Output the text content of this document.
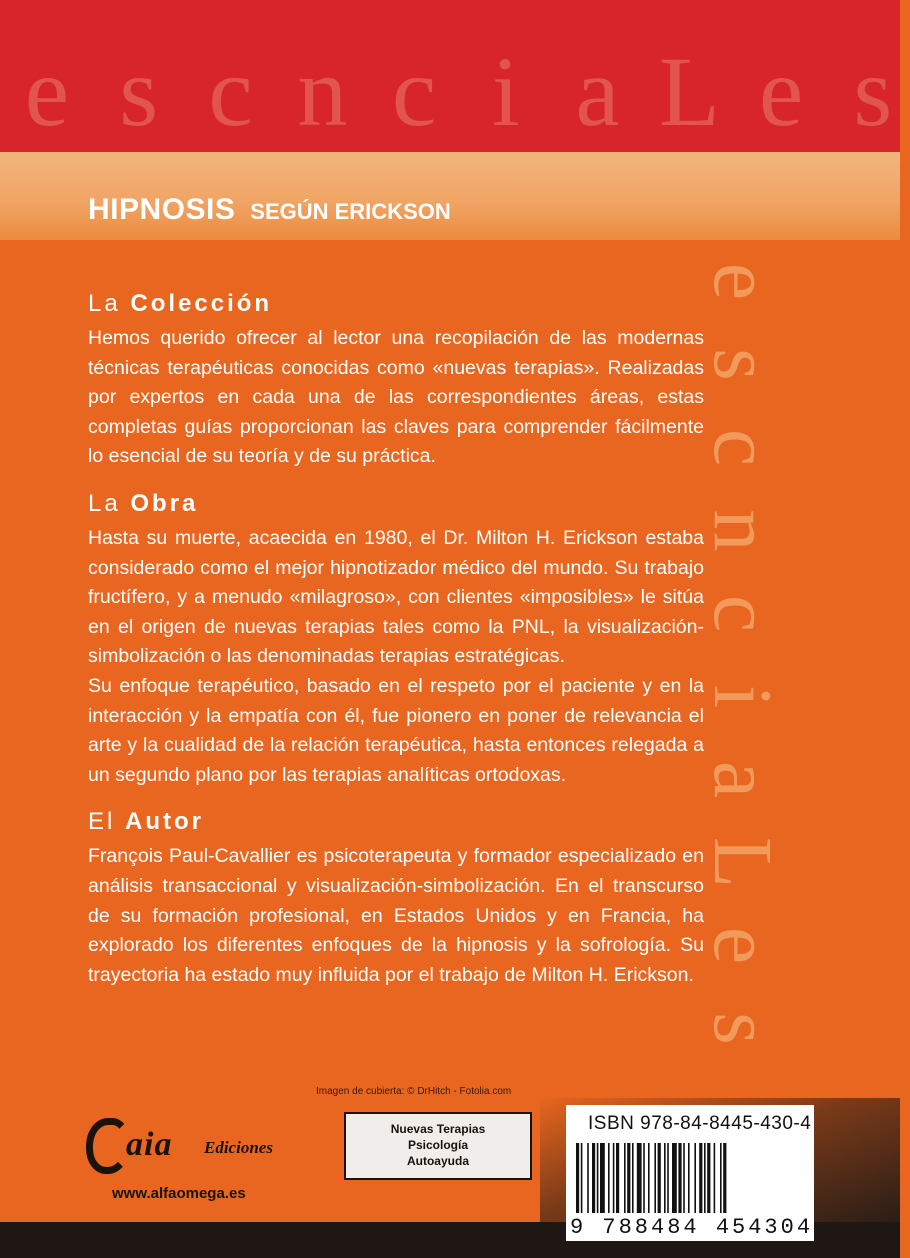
e s c n c i a L e s
HIPNOSIS SEGÚN ERICKSON
e
s
c
n
c
i
a
L
e
s
La Colección

Hemos querido ofrecer al lector una recopilación de las modernas técnicas terapéuticas conocidas como «nuevas terapias». Realizadas por expertos en cada una de las correspondientes áreas, estas completas guías proporcionan las claves para comprender fácilmente lo esencial de su teoría y de su práctica.

La Obra

Hasta su muerte, acaecida en 1980, el Dr. Milton H. Erickson estaba considerado como el mejor hipnotizador médico del mundo. Su trabajo fructífero, y a menudo «milagroso», con clientes «imposibles» le sitúa en el origen de nuevas terapias tales como la PNL, la visualización-simbolización o las denominadas terapias estratégicas.

Su enfoque terapéutico, basado en el respeto por el paciente y en la interacción y la empatía con él, fue pionero en poner de relevancia el arte y la cualidad de la relación terapéutica, hasta entonces relegada a un segundo plano por las terapias analíticas ortodoxas.

El Autor

François Paul-Cavallier es psicoterapeuta y formador especializado en análisis transaccional y visualización-simbolización. En el transcurso de su formación profesional, en Estados Unidos y en Francia, ha explorado los diferentes enfoques de la hipnosis y la sofrología. Su trayectoria ha estado muy influida por el trabajo de Milton H. Erickson.

Imagen de cubierta: © DrHitch - Fotolia.com
aia Ediciones
www.alfaomega.es
Nuevas Terapias
Psicología
Autoayuda
ISBN 978-84-8445-430-4
9 788484 454304
